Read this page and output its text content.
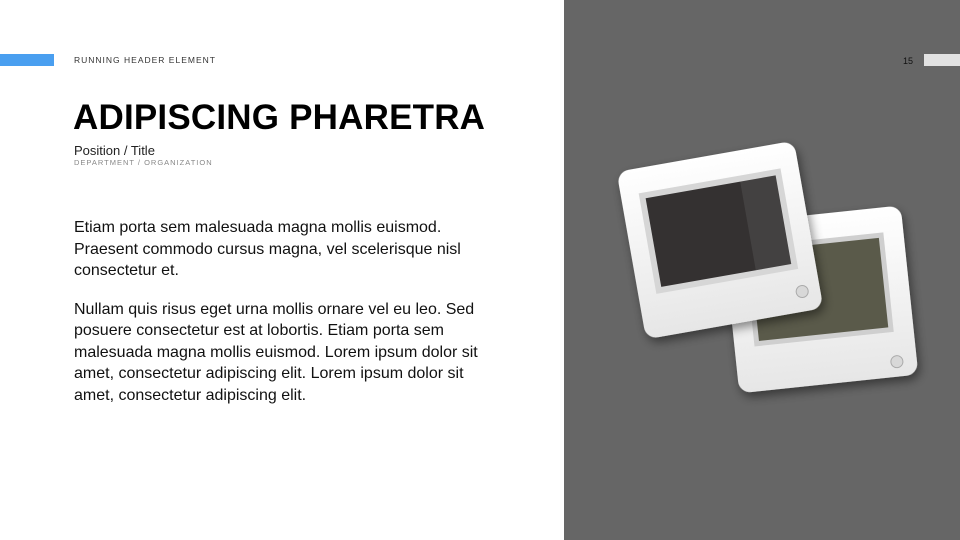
RUNNING HEADER ELEMENT
ADIPISCING PHARETRA
Position / Title
DEPARTMENT / ORGANIZATION

Etiam porta sem malesuada magna mollis euismod. Praesent commodo cursus magna, vel scelerisque nisl consectetur et.

Nullam quis risus eget urna mollis ornare vel eu leo. Sed posuere consectetur est at lobortis. Etiam porta sem malesuada magna mollis euismod. Lorem ipsum dolor sit amet, consectetur adipiscing elit. Lorem ipsum dolor sit amet, consectetur adipiscing elit.

15
